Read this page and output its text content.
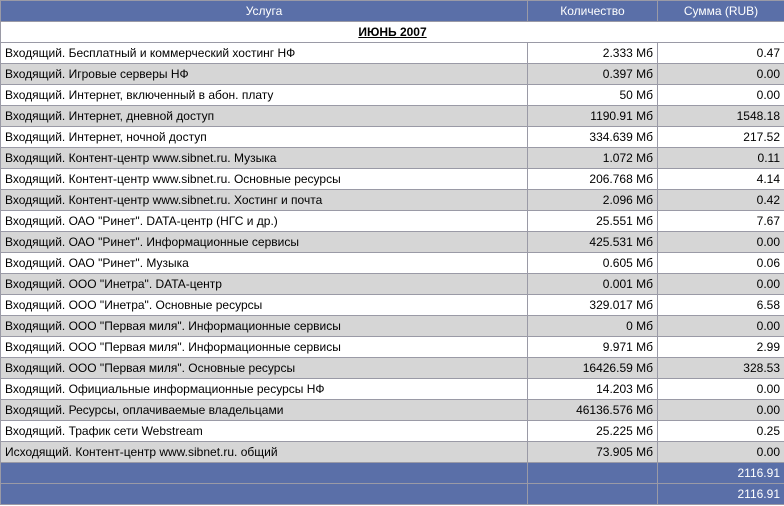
Услуга	Количество	Сумма (RUB)
ИЮНЬ 2007		
Входящий. Бесплатный и коммерческий хостинг НФ	2.333 Мб	0.47
Входящий. Игровые серверы НФ	0.397 Мб	0.00
Входящий. Интернет, включенный в абон. плату	50 Мб	0.00
Входящий. Интернет, дневной доступ	1190.91 Мб	1548.18
Входящий. Интернет, ночной доступ	334.639 Мб	217.52
Входящий. Контент-центр www.sibnet.ru. Музыка	1.072 Мб	0.11
Входящий. Контент-центр www.sibnet.ru. Основные ресурсы	206.768 Мб	4.14
Входящий. Контент-центр www.sibnet.ru. Хостинг и почта	2.096 Мб	0.42
Входящий. ОАО "Ринет". DATA-центр (НГС и др.)	25.551 Мб	7.67
Входящий. ОАО "Ринет". Информационные сервисы	425.531 Мб	0.00
Входящий. ОАО "Ринет". Музыка	0.605 Мб	0.06
Входящий. ООО "Инетра". DATA-центр	0.001 Мб	0.00
Входящий. ООО "Инетра". Основные ресурсы	329.017 Мб	6.58
Входящий. ООО "Первая миля". Информационные сервисы	0 Мб	0.00
Входящий. ООО "Первая миля". Информационные сервисы	9.971 Мб	2.99
Входящий. ООО "Первая миля". Основные ресурсы	16426.59 Мб	328.53
Входящий. Официальные информационные ресурсы НФ	14.203 Мб	0.00
Входящий. Ресурсы, оплачиваемые владельцами	46136.576 Мб	0.00
Входящий. Трафик сети Webstream	25.225 Мб	0.25
Исходящий. Контент-центр www.sibnet.ru. общий	73.905 Мб	0.00
		2116.91
		2116.91
